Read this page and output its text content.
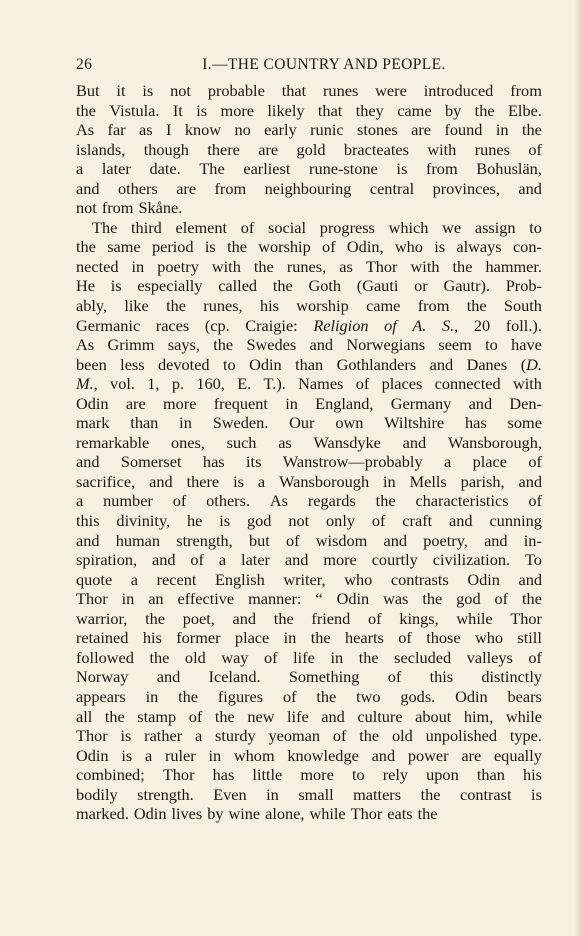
26	I.—THE COUNTRY AND PEOPLE.
But it is not probable that runes were introduced from
the Vistula. It is more likely that they came by the Elbe.
As far as I know no early runic stones are found in the
islands, though there are gold bracteates with runes of
a later date. The earliest rune-stone is from Bohuslän,
and others are from neighbouring central provinces, and
not from Skåne.
The third element of social progress which we assign to
the same period is the worship of Odin, who is always con-
nected in poetry with the runes, as Thor with the hammer.
He is especially called the Goth (Gauti or Gautr). Prob-
ably, like the runes, his worship came from the South
Germanic races (cp. Craigie: Religion of A. S., 20 foll.).
As Grimm says, the Swedes and Norwegians seem to have
been less devoted to Odin than Gothlanders and Danes (D.
M., vol. 1, p. 160, E. T.). Names of places connected with
Odin are more frequent in England, Germany and Den-
mark than in Sweden. Our own Wiltshire has some
remarkable ones, such as Wansdyke and Wansborough,
and Somerset has its Wanstrow—probably a place of
sacrifice, and there is a Wansborough in Mells parish, and
a number of others. As regards the characteristics of
this divinity, he is god not only of craft and cunning
and human strength, but of wisdom and poetry, and in-
spiration, and of a later and more courtly civilization. To
quote a recent English writer, who contrasts Odin and
Thor in an effective manner: “ Odin was the god of the
warrior, the poet, and the friend of kings, while Thor
retained his former place in the hearts of those who still
followed the old way of life in the secluded valleys of
Norway and Iceland. Something of this distinctly
appears in the figures of the two gods. Odin bears
all the stamp of the new life and culture about him, while
Thor is rather a sturdy yeoman of the old unpolished type.
Odin is a ruler in whom knowledge and power are equally
combined; Thor has little more to rely upon than his
bodily strength. Even in small matters the contrast is
marked. Odin lives by wine alone, while Thor eats the
